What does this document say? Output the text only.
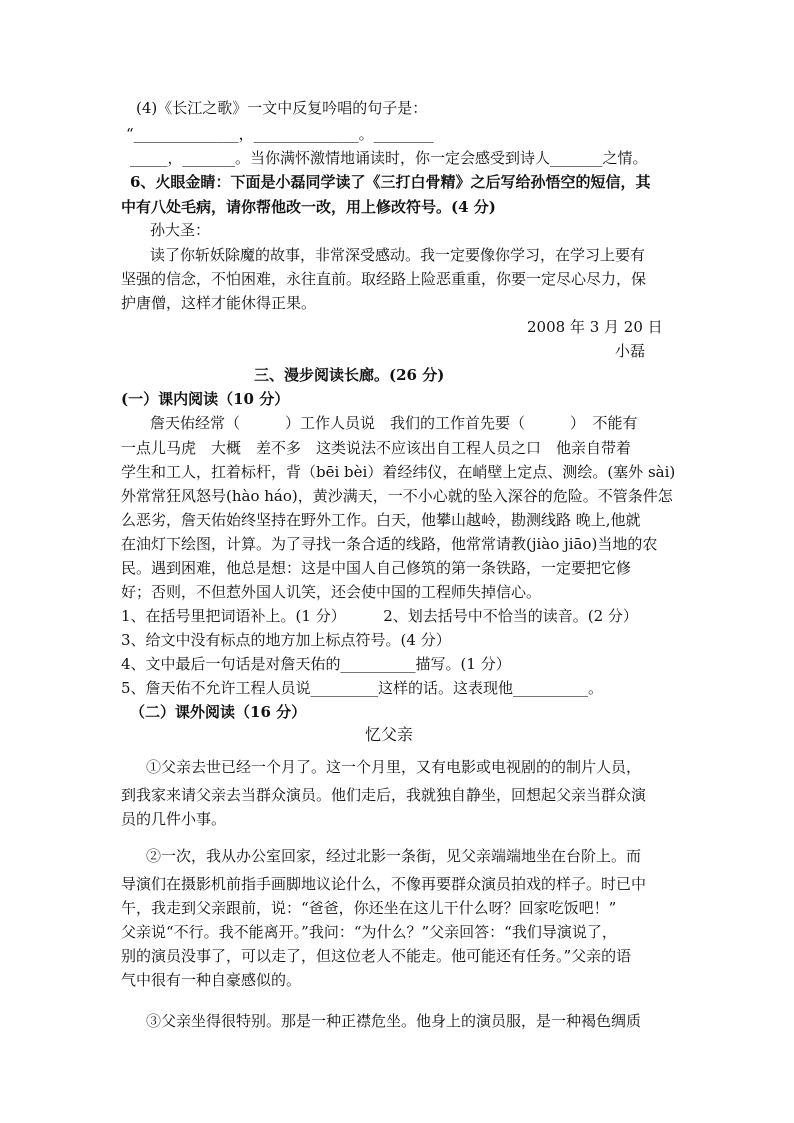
(4)《长江之歌》一文中反复吟唱的句子是：
“______________，______________。________
_____，_______。当你满怀激情地诵读时，你一定会感受到诗人_______之情。
6、火眼金睛：下面是小磊同学读了《三打白骨精》之后写给孙悟空的短信，其
中有八处毛病，请你帮他改一改，用上修改符号。(4 分)
孙大圣：
读了你斩妖除魔的故事，非常深受感动。我一定要像你学习，在学习上要有
坚强的信念，不怕困难，永往直前。取经路上险恶重重，你要一定尽心尽力，保
护唐僧，这样才能休得正果。
2008 年 3 月 20 日
小磊
三、漫步阅读长廊。(26 分)
(一）课内阅读（10 分）
詹天佑经常（　　　）工作人员说　我们的工作首先要（　　　）　不能有
一点儿马虎　大概　差不多　这类说法不应该出自工程人员之口　他亲自带着
学生和工人，扛着标杆，背（bēi bèi）着经纬仪，在峭壁上定点、测绘。(塞外 sài)
外常常狂风怒号(hào háo)，黄沙满天，一不小心就的坠入深谷的危险。不管条件怎
么恶劣，詹天佑始终坚持在野外工作。白天，他攀山越岭，勘测线路 晚上,他就
在油灯下绘图，计算。为了寻找一条合适的线路，他常常请教(jiào jiāo)当地的农
民。遇到困难，他总是想：这是中国人自己修筑的第一条铁路，一定要把它修
好；否则，不但惹外国人讥笑，还会使中国的工程师失掉信心。
1、在括号里把词语补上。(1 分）　　　2、划去括号中不恰当的读音。(2 分）
3、给文中没有标点的地方加上标点符号。(4 分）
4、文中最后一句话是对詹天佑的__________描写。(1 分）
5、詹天佑不允许工程人员说_________这样的话。这表现他__________。
（二）课外阅读（16 分）
忆父亲
①父亲去世已经一个月了。这一个月里，又有电影或电视剧的的制片人员，
到我家来请父亲去当群众演员。他们走后，我就独自静坐，回想起父亲当群众演
员的几件小事。
②一次，我从办公室回家，经过北影一条街，见父亲端端地坐在台阶上。而
导演们在摄影机前指手画脚地议论什么，不像再要群众演员拍戏的样子。时已中
午，我走到父亲跟前，说：“爸爸，你还坐在这儿干什么呀？回家吃饭吧！”
父亲说“不行。我不能离开。”我问：“为什么？”父亲回答：“我们导演说了，
别的演员没事了，可以走了，但这位老人不能走。他可能还有任务。”父亲的语
气中很有一种自豪感似的。
③父亲坐得很特别。那是一种正襟危坐。他身上的演员服，是一种褐色绸质
